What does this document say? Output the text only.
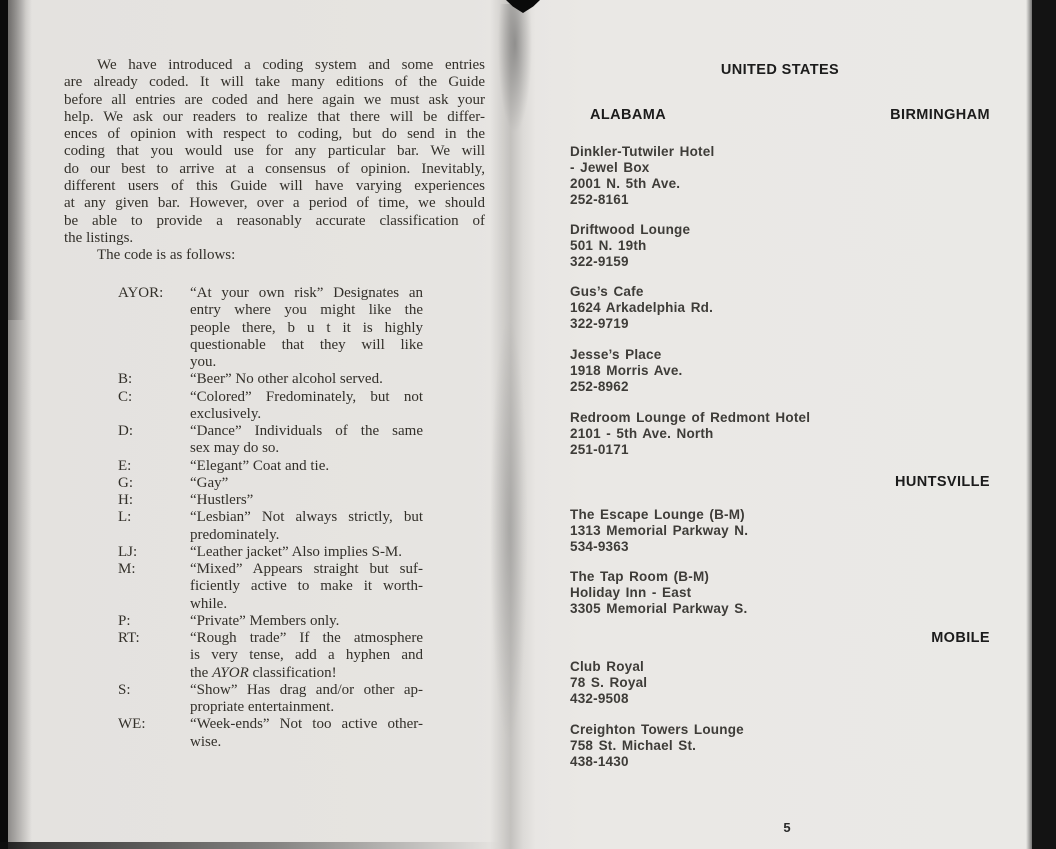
We have introduced a coding system and some entries
are already coded. It will take many editions of the Guide
before all entries are coded and here again we must ask your
help. We ask our readers to realize that there will be differ-
ences of opinion with respect to coding, but do send in the
coding that you would use for any particular bar. We will
do our best to arrive at a consensus of opinion. Inevitably,
different users of this Guide will have varying experiences
at any given bar. However, over a period of time, we should
be able to provide a reasonably accurate classification of
the listings.
The code is as follows:
AYOR:	“At your own risk” Designates an
entry where you might like the
people there, b u t it is highly
questionable that they will like
you.
B:	“Beer” No other alcohol served.
C:	“Colored” Fredominately, but not
exclusively.
D:	“Dance” Individuals of the same
sex may do so.
E:	“Elegant” Coat and tie.
G:	“Gay”
H:	“Hustlers”
L:	“Lesbian” Not always strictly, but
predominately.
LJ:	“Leather jacket” Also implies S-M.
M:	“Mixed” Appears straight but suf-
ficiently active to make it worth-
while.
P:	“Private” Members only.
RT:	“Rough trade” If the atmosphere
is very tense, add a hyphen and
the AYOR classification!
S:	“Show” Has drag and/or other ap-
propriate entertainment.
WE:	“Week-ends” Not too active other-
wise.
UNITED STATES
ALABAMA	BIRMINGHAM
Dinkler-Tutwiler Hotel
- Jewel Box
2001 N. 5th Ave.
252-8161
Driftwood Lounge
501 N. 19th
322-9159
Gus’s Cafe
1624 Arkadelphia Rd.
322-9719
Jesse’s Place
1918 Morris Ave.
252-8962
Redroom Lounge of Redmont Hotel
2101 - 5th Ave. North
251-0171
HUNTSVILLE
The Escape Lounge (B-M)
1313 Memorial Parkway N.
534-9363
The Tap Room (B-M)
Holiday Inn - East
3305 Memorial Parkway S.
MOBILE
Club Royal
78 S. Royal
432-9508
Creighton Towers Lounge
758 St. Michael St.
438-1430
5
